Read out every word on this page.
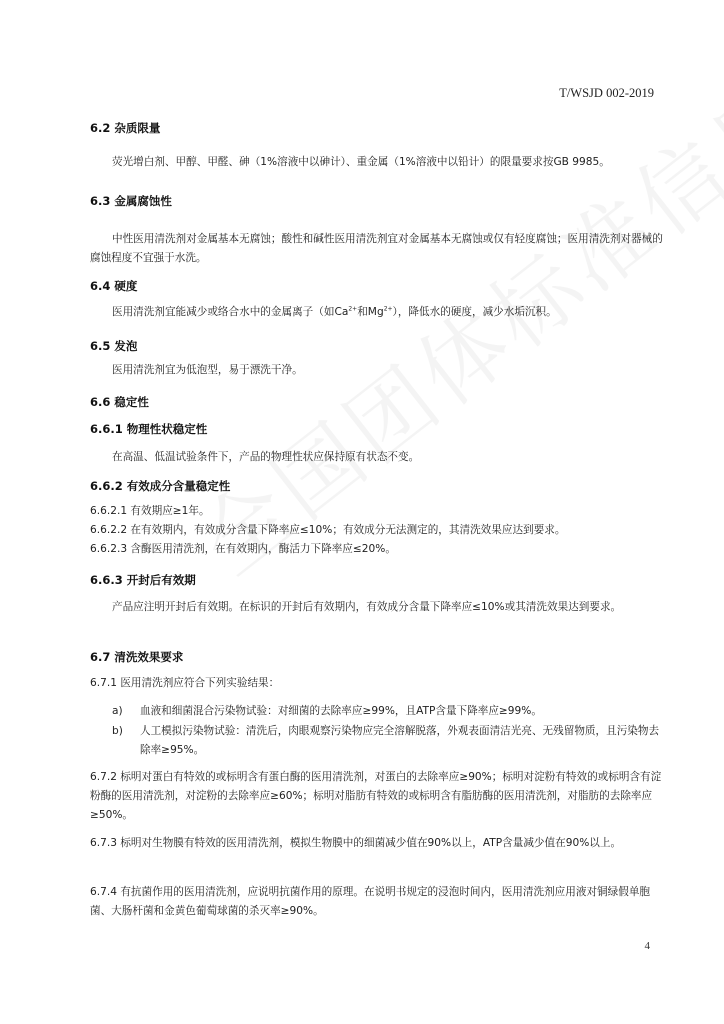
T/WSJD 002-2019
6.2 杂质限量
荧光增白剂、甲醇、甲醛、砷（1%溶液中以砷计）、重金属（1%溶液中以铅计）的限量要求按GB 9985。
6.3 金属腐蚀性
中性医用清洗剂对金属基本无腐蚀；酸性和碱性医用清洗剂宜对金属基本无腐蚀或仅有轻度腐蚀；医用清洗剂对器械的腐蚀程度不宜强于水洗。
6.4 硬度
医用清洗剂宜能减少或络合水中的金属离子（如$Ca^{2+}$和$Mg^{2+}$），降低水的硬度，减少水垢沉积。
6.5 发泡
医用清洗剂宜为低泡型，易于漂洗干净。
6.6 稳定性
6.6.1 物理性状稳定性
在高温、低温试验条件下，产品的物理性状应保持原有状态不变。
6.6.2 有效成分含量稳定性
6.6.2.1 有效期应≥1年。
6.6.2.2 在有效期内，有效成分含量下降率应≤10%；有效成分无法测定的，其清洗效果应达到要求。
6.6.2.3 含酶医用清洗剂，在有效期内，酶活力下降率应≤20%。
6.6.3 开封后有效期
产品应注明开封后有效期。在标识的开封后有效期内，有效成分含量下降率应≤10%或其清洗效果达到要求。
6.7 清洗效果要求
6.7.1 医用清洗剂应符合下列实验结果：
a) 血液和细菌混合污染物试验：对细菌的去除率应≥99%，且ATP含量下降率应≥99%。
b) 人工模拟污染物试验：清洗后，肉眼观察污染物应完全溶解脱落，外观表面清洁光亮、无残留物质，且污染物去除率≥95%。
6.7.2 标明对蛋白有特效的或标明含有蛋白酶的医用清洗剂，对蛋白的去除率应≥90%；标明对淀粉有特效的或标明含有淀粉酶的医用清洗剂，对淀粉的去除率应≥60%；标明对脂肪有特效的或标明含有脂肪酶的医用清洗剂，对脂肪的去除率应≥50%。
6.7.3 标明对生物膜有特效的医用清洗剂，模拟生物膜中的细菌减少值在90%以上，ATP含量减少值在90%以上。
6.7.4 有抗菌作用的医用清洗剂，应说明抗菌作用的原理。在说明书规定的浸泡时间内，医用清洗剂应用液对铜绿假单胞菌、大肠杆菌和金黄色葡萄球菌的杀灭率≥90%。
4
